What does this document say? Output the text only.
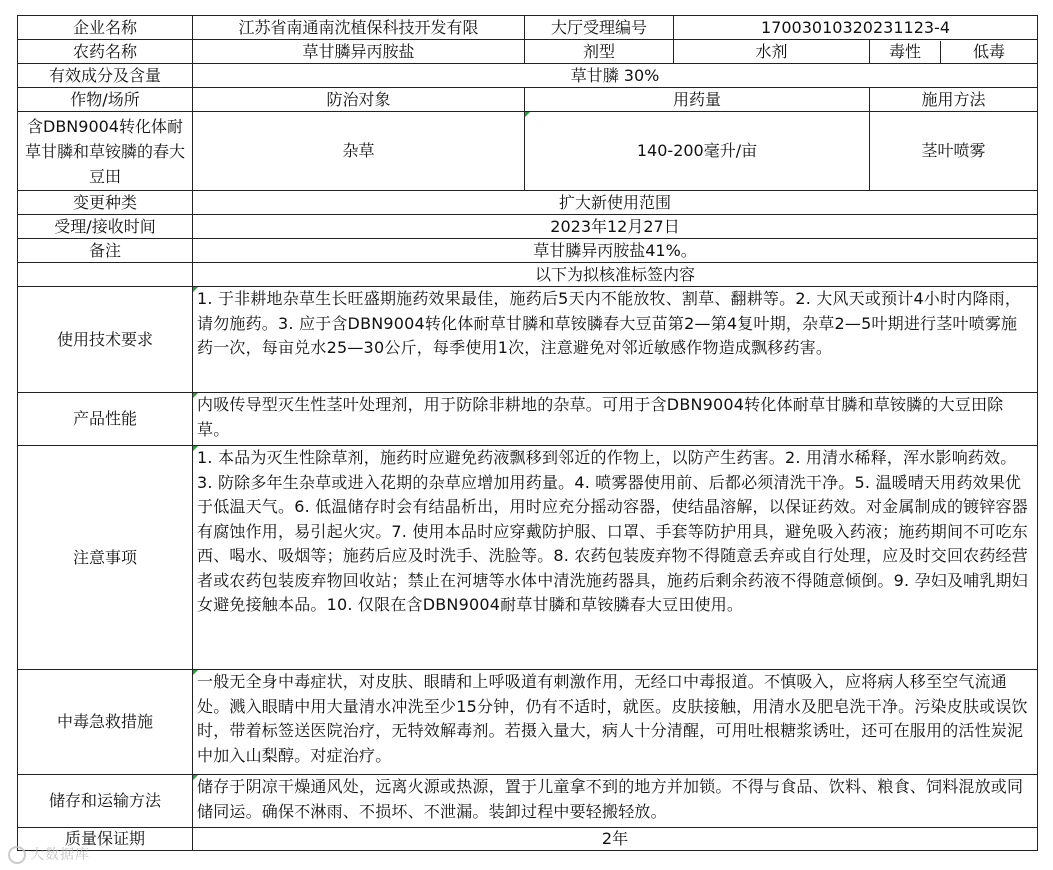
企业名称	江苏省南通南沈植保科技开发有限	大厅受理编号	17003010320231123-4	
农药名称	草甘膦异丙胺盐	剂型	水剂	毒性 低毒

有效成分及含量	草甘膦 30%			
作物/场所	防治对象	用药量		施用方法
含DBN9004转化体耐草甘膦和草铵膦的春大豆田	杂草	140-200毫升/亩		茎叶喷雾
变更种类	扩大新使用范围			
受理/接收时间	2023年12月27日			
备注	草甘膦异丙胺盐41%。			
	以下为拟核准标签内容			
使用技术要求	1. 于非耕地杂草生长旺盛期施药效果最佳，施药后5天内不能放牧、割草、翻耕等。2. 大风天或预计4小时内降雨，请勿施药。3. 应于含DBN9004转化体耐草甘膦和草铵膦春大豆苗第2—第4复叶期，杂草2—5叶期进行茎叶喷雾施药一次，每亩兑水25—30公斤，每季使用1次，注意避免对邻近敏感作物造成飘移药害。			

产品性能	内吸传导型灭生性茎叶处理剂，用于防除非耕地的杂草。可用于含DBN9004转化体耐草甘膦和草铵膦的大豆田除草。			

注意事项	1. 本品为灭生性除草剂，施药时应避免药液飘移到邻近的作物上，以防产生药害。2. 用清水稀释，浑水影响药效。3. 防除多年生杂草或进入花期的杂草应增加用药量。4. 喷雾器使用前、后都必须清洗干净。5. 温暖晴天用药效果优于低温天气。6. 低温储存时会有结晶析出，用时应充分摇动容器，使结晶溶解，以保证药效。对金属制成的镀锌容器有腐蚀作用，易引起火灾。7. 使用本品时应穿戴防护服、口罩、手套等防护用具，避免吸入药液；施药期间不可吃东西、喝水、吸烟等；施药后应及时洗手、洗脸等。8. 农药包装废弃物不得随意丢弃或自行处理，应及时交回农药经营者或农药包装废弃物回收站；禁止在河塘等水体中清洗施药器具，施药后剩余药液不得随意倾倒。9. 孕妇及哺乳期妇女避免接触本品。10. 仅限在含DBN9004耐草甘膦和草铵膦春大豆田使用。			

中毒急救措施	一般无全身中毒症状，对皮肤、眼睛和上呼吸道有刺激作用，无经口中毒报道。不慎吸入，应将病人移至空气流通处。溅入眼睛中用大量清水冲洗至少15分钟，仍有不适时，就医。皮肤接触，用清水及肥皂洗干净。污染皮肤或误饮时，带着标签送医院治疗，无特效解毒剂。若摄入量大，病人十分清醒，可用吐根糖浆诱吐，还可在服用的活性炭泥中加入山梨醇。对症治疗。			

储存和运输方法	储存于阴凉干燥通风处，远离火源或热源，置于儿童拿不到的地方并加锁。不得与食品、饮料、粮食、饲料混放或同储同运。确保不淋雨、不损坏、不泄漏。装卸过程中要轻搬轻放。			

质量保证期	2年			
大数据库
